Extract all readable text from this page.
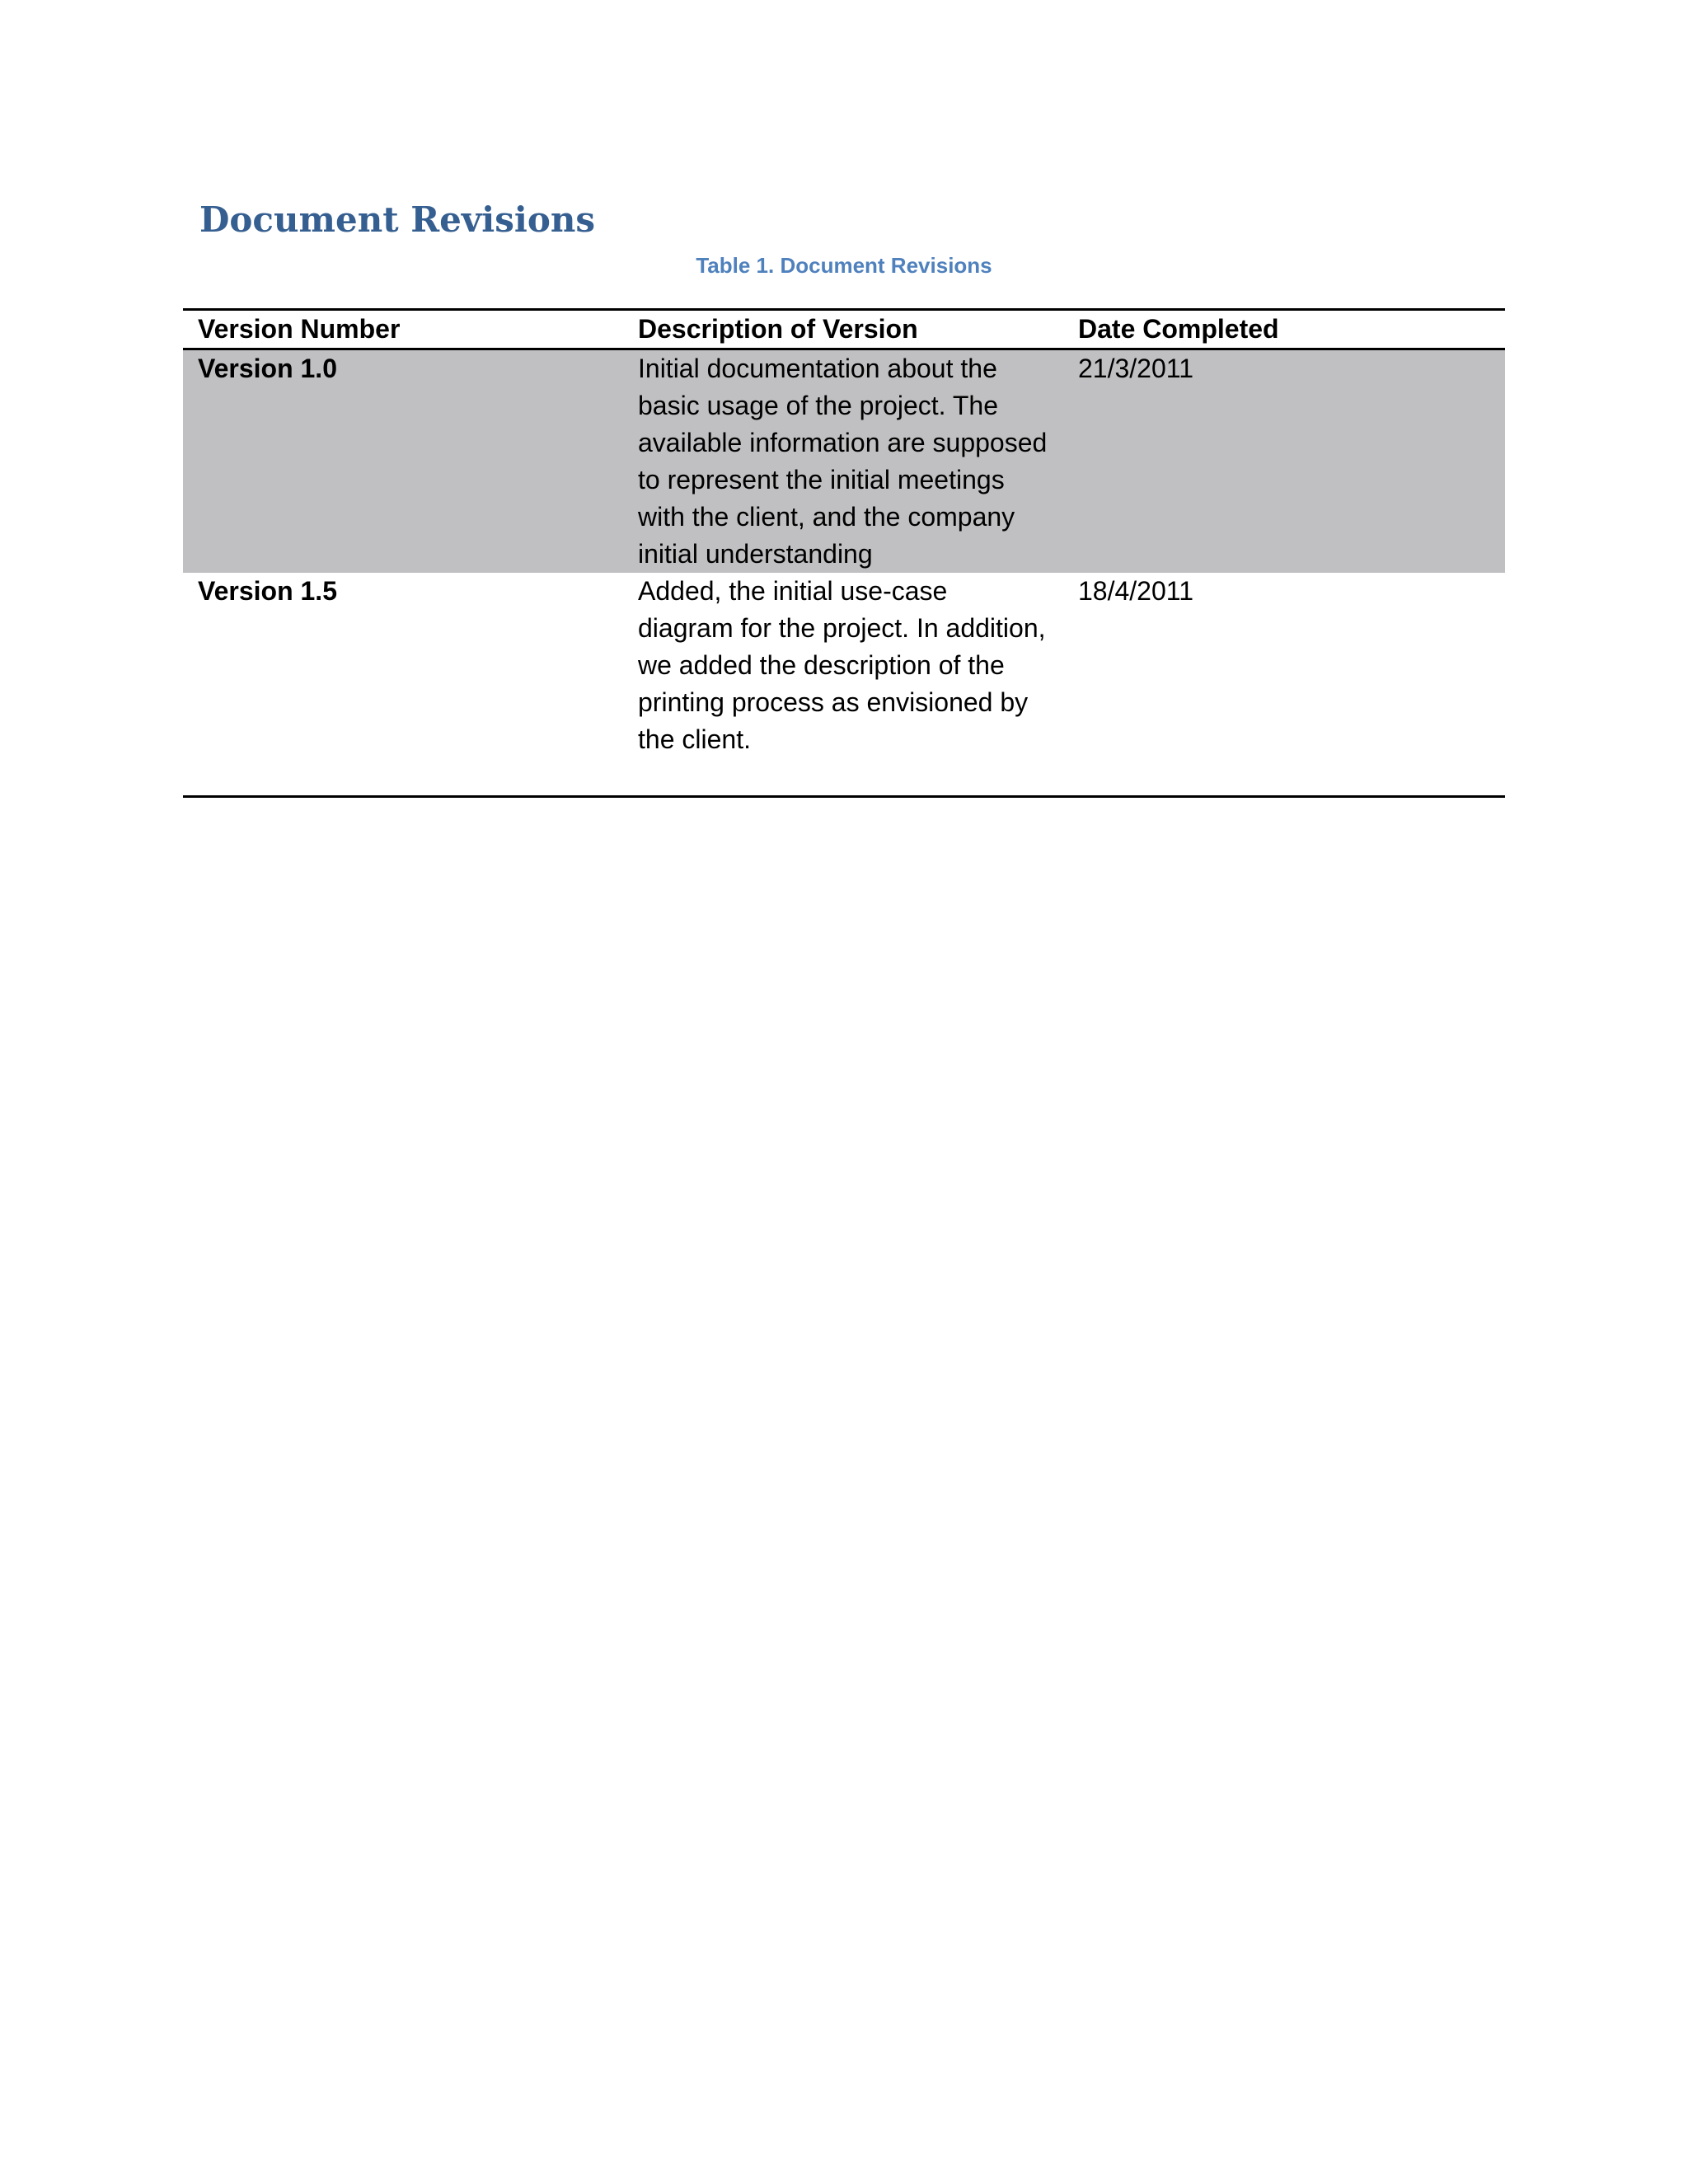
Document Revisions
Table 1. Document Revisions
Version Number	Description of Version	Date Completed
Version 1.0	Initial documentation about the basic usage of the project. The available information are supposed to represent the initial meetings with the client, and the company initial understanding	21/3/2011
Version 1.5	Added, the initial use-case diagram for the project. In addition, we added the description of the printing process as envisioned by the client.	18/4/2011
